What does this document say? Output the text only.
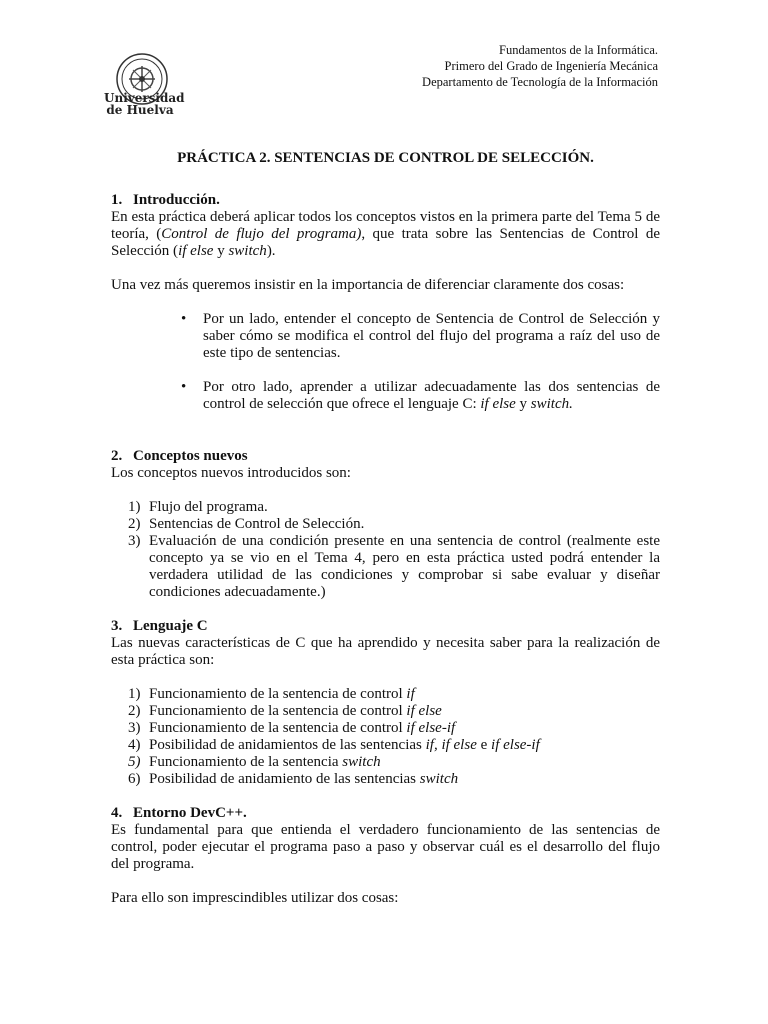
Universidad
de Huelva
Fundamentos de la Informática.
Primero del Grado de Ingeniería Mecánica
Departamento de Tecnología de la Información

PRÁCTICA 2. SENTENCIAS DE CONTROL DE SELECCIÓN.

1. Introducción.

En esta práctica deberá aplicar todos los conceptos vistos en la primera parte del Tema 5 de teoría, (Control de flujo del programa), que trata sobre las Sentencias de Control de Selección (if else y switch).

Una vez más queremos insistir en la importancia de diferenciar claramente dos cosas:

•	Por un lado, entender el concepto de Sentencia de Control de Selección y saber cómo se modifica el control del flujo del programa a raíz del uso de este tipo de sentencias.
•	Por otro lado, aprender a utilizar adecuadamente las dos sentencias de control de selección que ofrece el lenguaje C: if else y switch.
2. Conceptos nuevos

Los conceptos nuevos introducidos son:

1) Flujo del programa.
2) Sentencias de Control de Selección.
3) Evaluación de una condición presente en una sentencia de control (realmente este concepto ya se vio en el Tema 4, pero en esta práctica usted podrá entender la verdadera utilidad de las condiciones y comprobar si sabe evaluar y diseñar condiciones adecuadamente.)
3. Lenguaje C

Las nuevas características de C que ha aprendido y necesita saber para la realización de esta práctica son:

1) Funcionamiento de la sentencia de control if
2) Funcionamiento de la sentencia de control if else
3) Funcionamiento de la sentencia de control if else-if
4) Posibilidad de anidamientos de las sentencias if, if else e if else-if
5) Funcionamiento de la sentencia switch
6) Posibilidad de anidamiento de las sentencias switch
4. Entorno DevC++.

Es fundamental para que entienda el verdadero funcionamiento de las sentencias de control, poder ejecutar el programa paso a paso y observar cuál es el desarrollo del flujo del programa.

Para ello son imprescindibles utilizar dos cosas:
